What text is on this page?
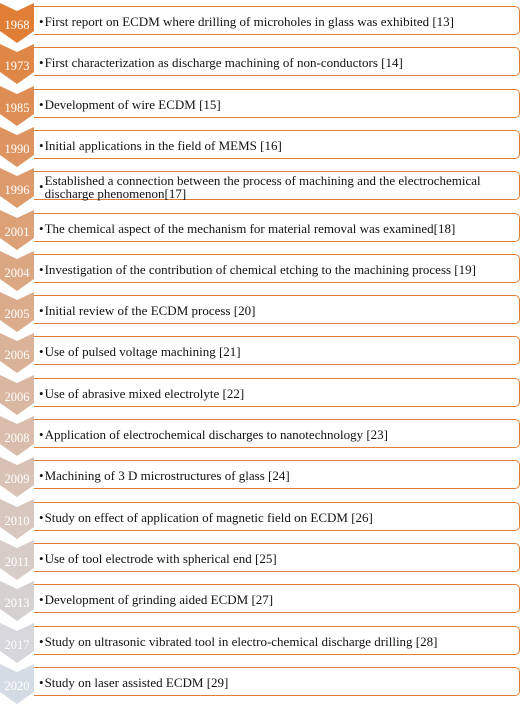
1968 • First report on ECDM where drilling of microholes in glass was exhibited [13]
1973 • First characterization as discharge machining of non-conductors [14]
1985 • Development of wire ECDM [15]
1990 • Initial applications in the field of MEMS [16]
1996 • Established a connection between the process of machining and the electrochemical discharge phenomenon[17]
2001 • The chemical aspect of the mechanism for material removal was examined[18]
2004 • Investigation of the contribution of chemical etching to the machining process [19]
2005 • Initial review of the ECDM process [20]
2006 • Use of pulsed voltage machining [21]
2006 • Use of abrasive mixed electrolyte [22]
2008 • Application of electrochemical discharges to nanotechnology [23]
2009 • Machining of 3 D microstructures of glass [24]
2010 • Study on effect of application of magnetic field on ECDM [26]
2011 • Use of tool electrode with spherical end [25]
2013 • Development of grinding aided ECDM [27]
2017 • Study on ultrasonic vibrated tool in electro-chemical discharge drilling [28]
2020 • Study on laser assisted ECDM [29]
